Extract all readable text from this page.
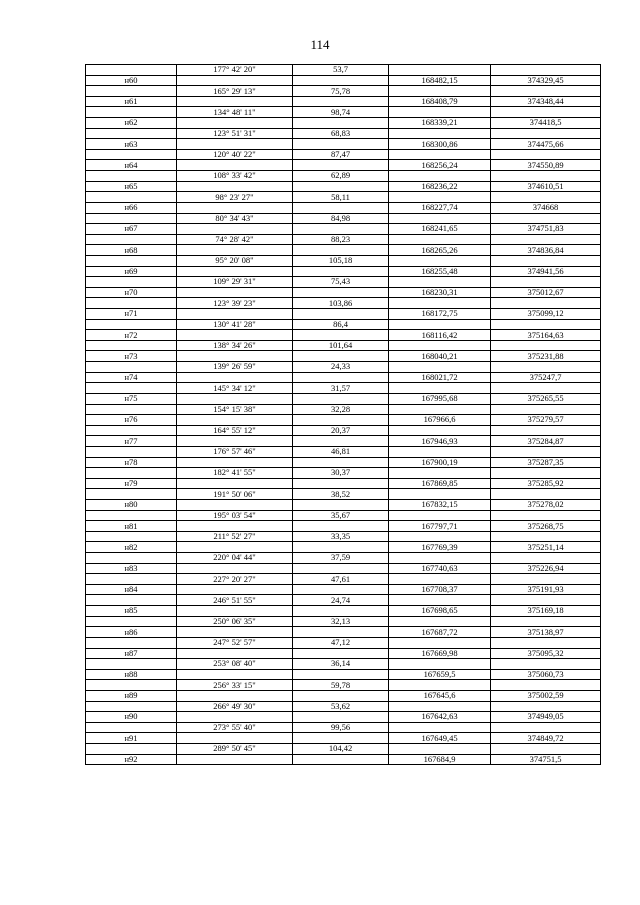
114
	177° 42' 20"	53,7		
н60			168482,15	374329,45
	165° 29' 13"	75,78		
н61			168408,79	374348,44
	134° 48' 11"	98,74		
н62			168339,21	374418,5
	123° 51' 31"	68,83		
н63			168300,86	374475,66
	120° 40' 22"	87,47		
н64			168256,24	374550,89
	108° 33' 42"	62,89		
н65			168236,22	374610,51
	98° 23' 27"	58,11		
н66			168227,74	374668
	80° 34' 43"	84,98		
н67			168241,65	374751,83
	74° 28' 42"	88,23		
н68			168265,26	374836,84
	95° 20' 08"	105,18		
н69			168255,48	374941,56
	109° 29' 31"	75,43		
н70			168230,31	375012,67
	123° 39' 23"	103,86		
н71			168172,75	375099,12
	130° 41' 28"	86,4		
н72			168116,42	375164,63
	138° 34' 26"	101,64		
н73			168040,21	375231,88
	139° 26' 59"	24,33		
н74			168021,72	375247,7
	145° 34' 12"	31,57		
н75			167995,68	375265,55
	154° 15' 38"	32,28		
н76			167966,6	375279,57
	164° 55' 12"	20,37		
н77			167946,93	375284,87
	176° 57' 46"	46,81		
н78			167900,19	375287,35
	182° 41' 55"	30,37		
н79			167869,85	375285,92
	191° 50' 06"	38,52		
н80			167832,15	375278,02
	195° 03' 54"	35,67		
н81			167797,71	375268,75
	211° 52' 27"	33,35		
н82			167769,39	375251,14
	220° 04' 44"	37,59		
н83			167740,63	375226,94
	227° 20' 27"	47,61		
н84			167708,37	375191,93
	246° 51' 55"	24,74		
н85			167698,65	375169,18
	250° 06' 35"	32,13		
н86			167687,72	375138,97
	247° 52' 57"	47,12		
н87			167669,98	375095,32
	253° 08' 40"	36,14		
н88			167659,5	375060,73
	256° 33' 15"	59,78		
н89			167645,6	375002,59
	266° 49' 30"	53,62		
н90			167642,63	374949,05
	273° 55' 40"	99,56		
н91			167649,45	374849,72
	289° 50' 45"	104,42		
н92			167684,9	374751,5
